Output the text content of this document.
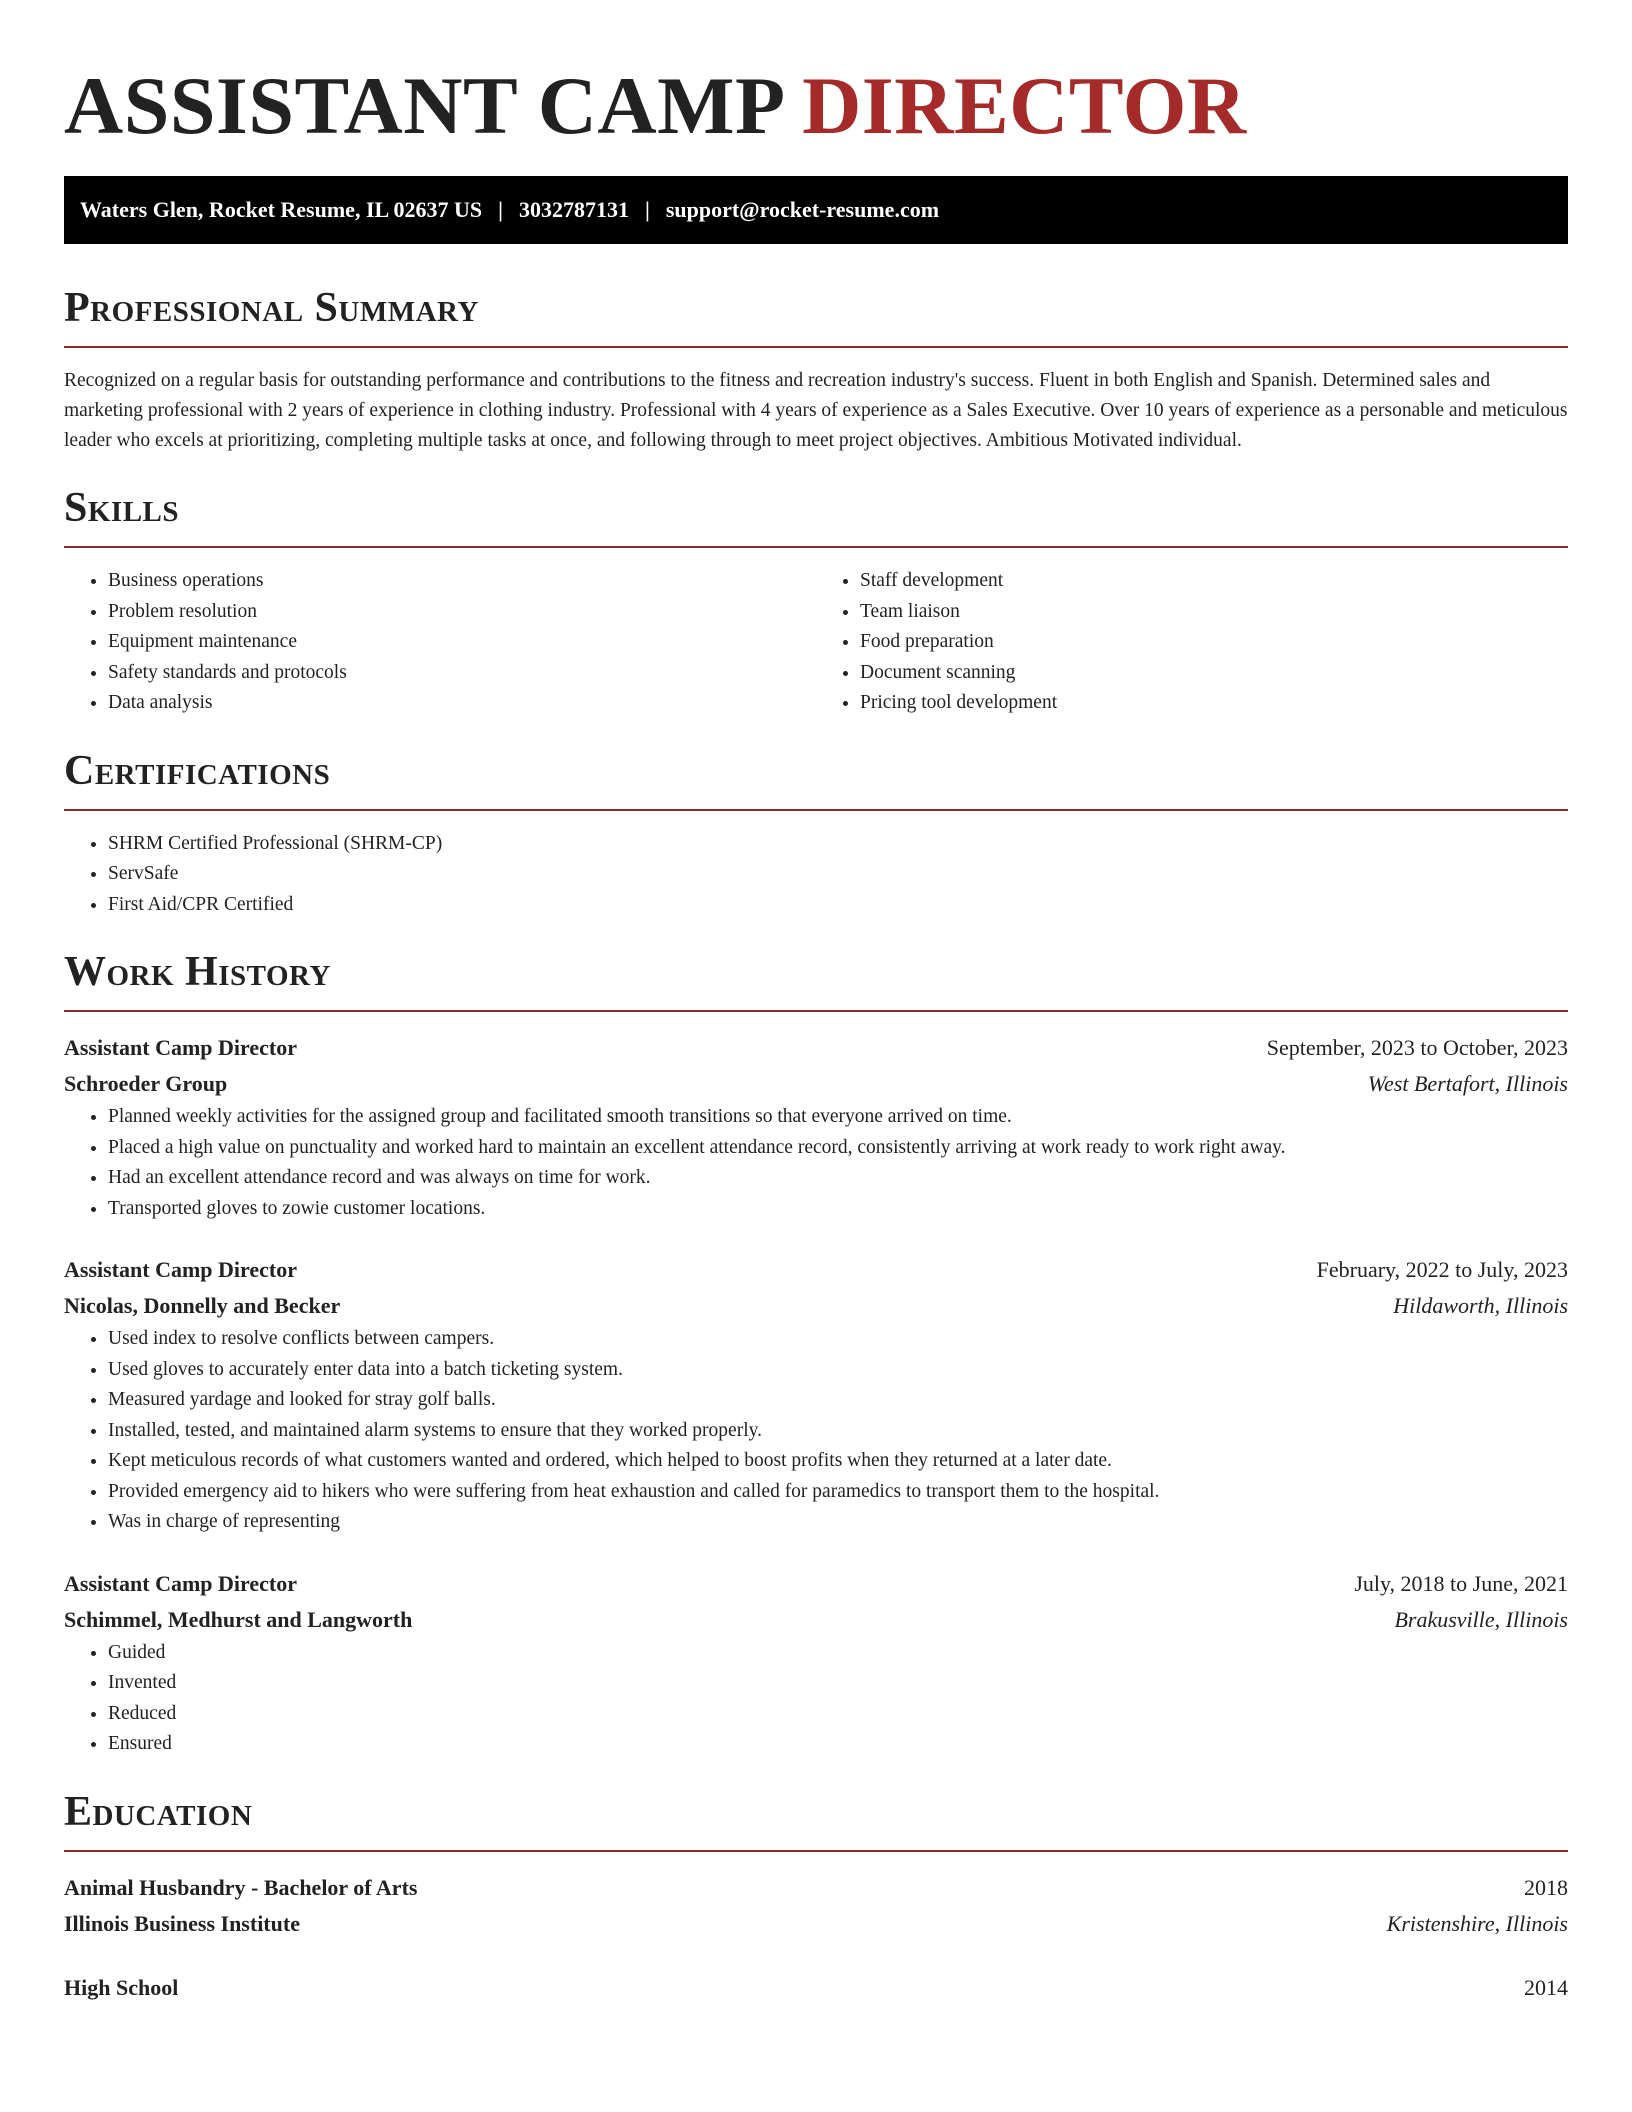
ASSISTANT CAMP DIRECTOR
Waters Glen, Rocket Resume, IL 02637 US | 3032787131 | support@rocket-resume.com
Professional Summary

Recognized on a regular basis for outstanding performance and contributions to the fitness and recreation industry's success. Fluent in both English and Spanish. Determined sales and marketing professional with 2 years of experience in clothing industry. Professional with 4 years of experience as a Sales Executive. Over 10 years of experience as a personable and meticulous leader who excels at prioritizing, completing multiple tasks at once, and following through to meet project objectives. Ambitious Motivated individual.

Skills
• Business operations
• Problem resolution
• Equipment maintenance
• Safety standards and protocols
• Data analysis
• Staff development
• Team liaison
• Food preparation
• Document scanning
• Pricing tool development
Certifications
• SHRM Certified Professional (SHRM-CP)
• ServSafe
• First Aid/CPR Certified
Work History
Assistant Camp Director	September, 2023 to October, 2023
Schroeder Group	West Bertafort, Illinois
• Planned weekly activities for the assigned group and facilitated smooth transitions so that everyone arrived on time.
• Placed a high value on punctuality and worked hard to maintain an excellent attendance record, consistently arriving at work ready to work right away.
• Had an excellent attendance record and was always on time for work.
• Transported gloves to zowie customer locations.
Assistant Camp Director	February, 2022 to July, 2023
Nicolas, Donnelly and Becker	Hildaworth, Illinois
• Used index to resolve conflicts between campers.
• Used gloves to accurately enter data into a batch ticketing system.
• Measured yardage and looked for stray golf balls.
• Installed, tested, and maintained alarm systems to ensure that they worked properly.
• Kept meticulous records of what customers wanted and ordered, which helped to boost profits when they returned at a later date.
• Provided emergency aid to hikers who were suffering from heat exhaustion and called for paramedics to transport them to the hospital.
• Was in charge of representing
Assistant Camp Director	July, 2018 to June, 2021
Schimmel, Medhurst and Langworth	Brakusville, Illinois
• Guided
• Invented
• Reduced
• Ensured
Education
Animal Husbandry - Bachelor of Arts	2018
Illinois Business Institute	Kristenshire, Illinois
High School	2014
